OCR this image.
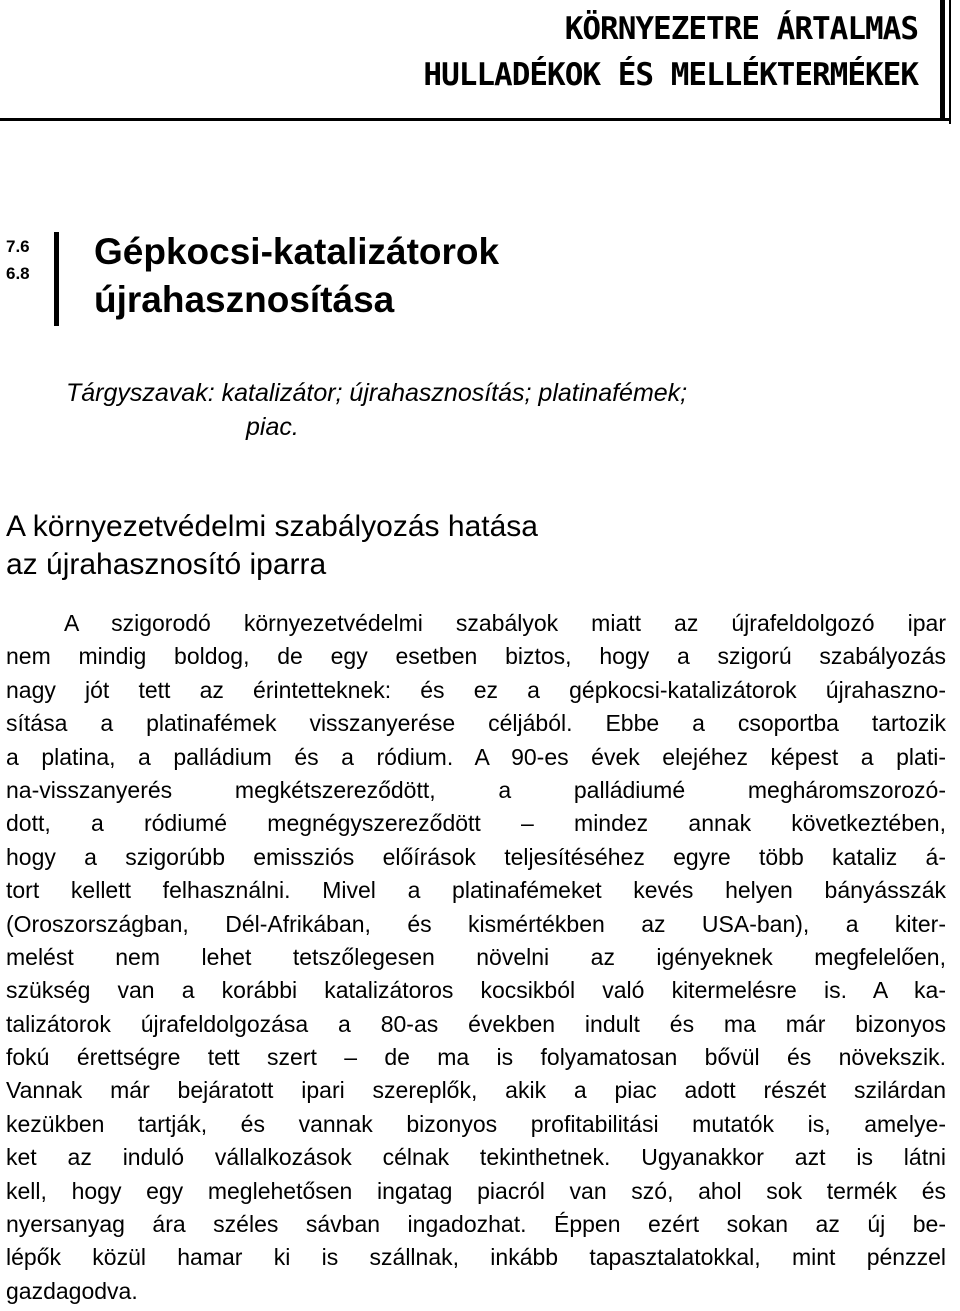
KÖRNYEZETRE ÁRTALMAS
HULLADÉKOK ÉS MELLÉKTERMÉKEK
7.6
6.8
Gépkocsi-katalizátorok
újrahasznosítása
Tárgyszavak: katalizátor; újrahasznosítás; platinafémek;
piac.
A környezetvédelmi szabályozás hatása
az újrahasznosító iparra
A szigorodó környezetvédelmi szabályok miatt az újrafeldolgozó ipar
nem mindig boldog, de egy esetben biztos, hogy a szigorú szabályozás
nagy jót tett az érintetteknek: és ez a gépkocsi-katalizátorok újrahaszno-
sítása a platinafémek visszanyerése céljából. Ebbe a csoportba tartozik
a platina, a palládium és a ródium. A 90-es évek elejéhez képest a plati-
na-visszanyerés megkétszereződött, a palládiumé megháromszorozó-
dott, a ródiumé megnégyszereződött – mindez annak következtében,
hogy a szigorúbb emissziós előírások teljesítéséhez egyre több kataliz á-
tort kellett felhasználni. Mivel a platinafémeket kevés helyen bányásszák
(Oroszországban, Dél-Afrikában, és kismértékben az USA-ban), a kiter-
melést nem lehet tetszőlegesen növelni az igényeknek megfelelően,
szükség van a korábbi katalizátoros kocsikból való kitermelésre is. A ka-
talizátorok újrafeldolgozása a 80-as években indult és ma már bizonyos
fokú érettségre tett szert – de ma is folyamatosan bővül és növekszik.
Vannak már bejáratott ipari szereplők, akik a piac adott részét szilárdan
kezükben tartják, és vannak bizonyos profitabilitási mutatók is, amelye-
ket az induló vállalkozások célnak tekinthetnek. Ugyanakkor azt is látni
kell, hogy egy meglehetősen ingatag piacról van szó, ahol sok termék és
nyersanyag ára széles sávban ingadozhat. Éppen ezért sokan az új be-
lépők közül hamar ki is szállnak, inkább tapasztalatokkal, mint pénzzel
gazdagodva.
